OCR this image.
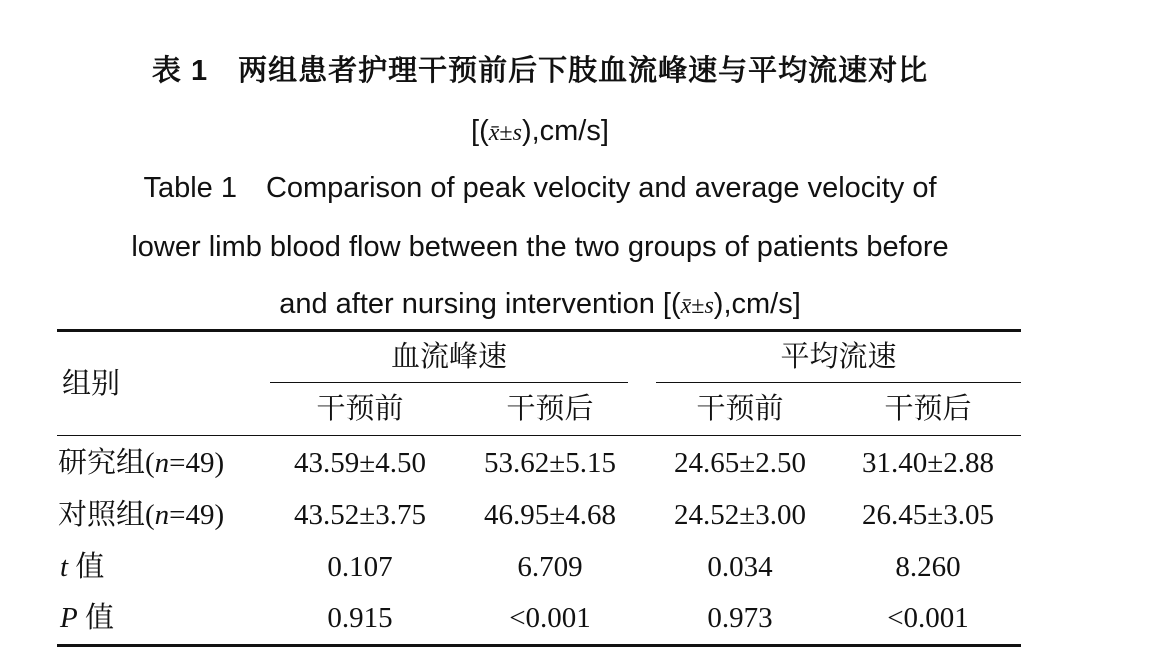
表 1　两组患者护理干预前后下肢血流峰速与平均流速对比
[(x̄±s),cm/s]
Table 1　Comparison of peak velocity and average velocity of
lower limb blood flow between the two groups of patients before
and after nursing intervention [(x̄±s),cm/s]
组别
血流峰速	平均流速
干预前	干预后	干预前	干预后
研究组(n=49)	43.59±4.50	53.62±5.15	24.65±2.50	31.40±2.88
对照组(n=49)	43.52±3.75	46.95±4.68	24.52±3.00	26.45±3.05
t 值	0.107	6.709	0.034	8.260
P 值	0.915	<0.001	0.973	<0.001
